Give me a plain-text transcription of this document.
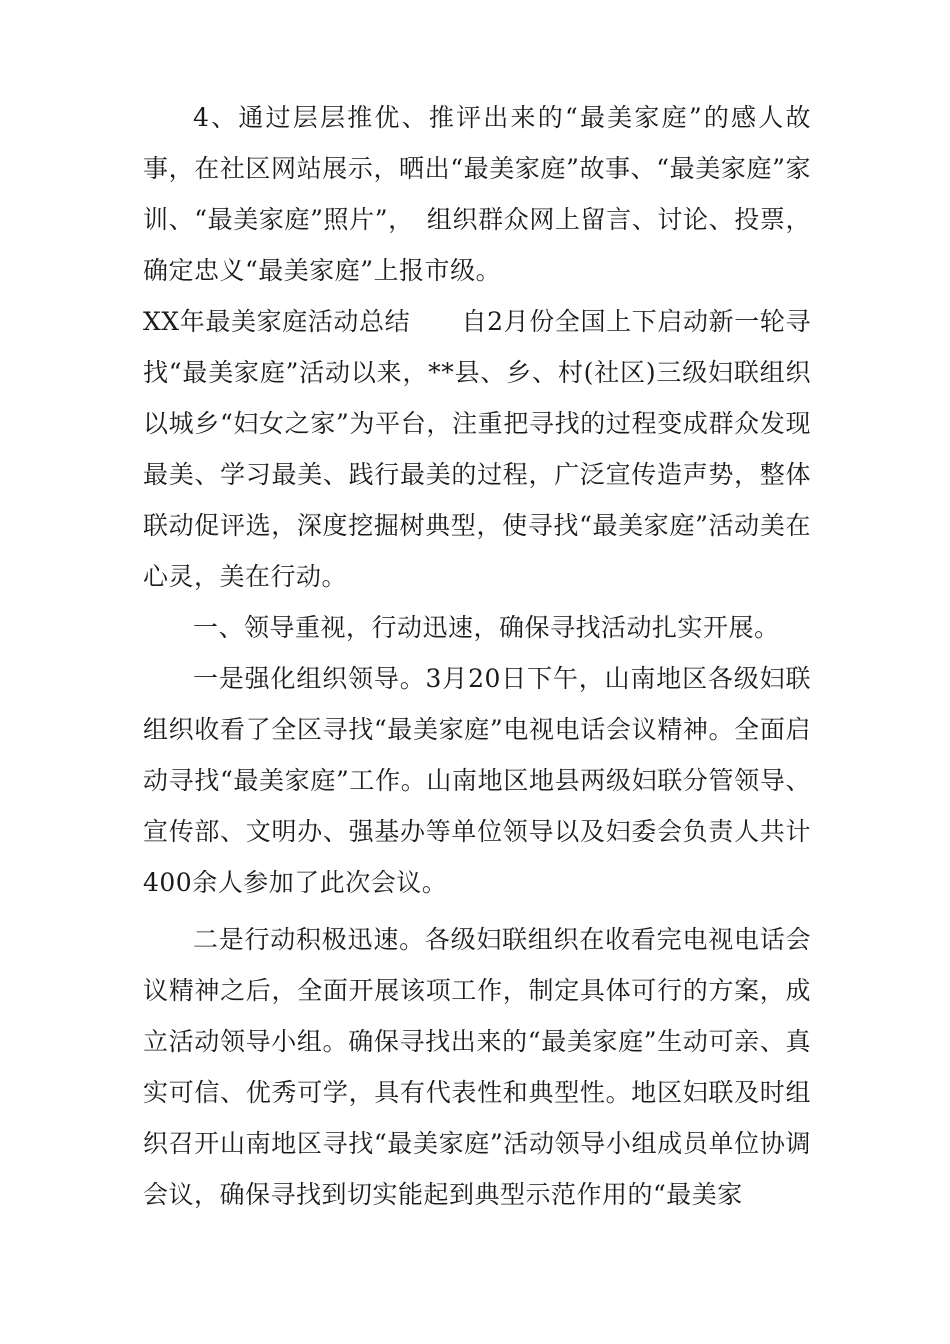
4、通过层层推优、推评出来的“最美家庭”的感人故事，在社区网站展示，晒出“最美家庭”故事、“最美家庭”家训、“最美家庭”照片”，　组织群众网上留言、讨论、投票，确定忠义“最美家庭”上报市级。

XX年最美家庭活动总结　　自2月份全国上下启动新一轮寻找“最美家庭”活动以来，**县、乡、村(社区)三级妇联组织以城乡“妇女之家”为平台，注重把寻找的过程变成群众发现最美、学习最美、践行最美的过程，广泛宣传造声势，整体联动促评选，深度挖掘树典型，使寻找“最美家庭”活动美在心灵，美在行动。

一、领导重视，行动迅速，确保寻找活动扎实开展。

一是强化组织领导。3月20日下午，山南地区各级妇联组织收看了全区寻找“最美家庭”电视电话会议精神。全面启动寻找“最美家庭”工作。山南地区地县两级妇联分管领导、宣传部、文明办、强基办等单位领导以及妇委会负责人共计400余人参加了此次会议。

二是行动积极迅速。各级妇联组织在收看完电视电话会议精神之后，全面开展该项工作，制定具体可行的方案，成立活动领导小组。确保寻找出来的“最美家庭”生动可亲、真实可信、优秀可学，具有代表性和典型性。地区妇联及时组织召开山南地区寻找“最美家庭”活动领导小组成员单位协调会议，确保寻找到切实能起到典型示范作用的“最美家
